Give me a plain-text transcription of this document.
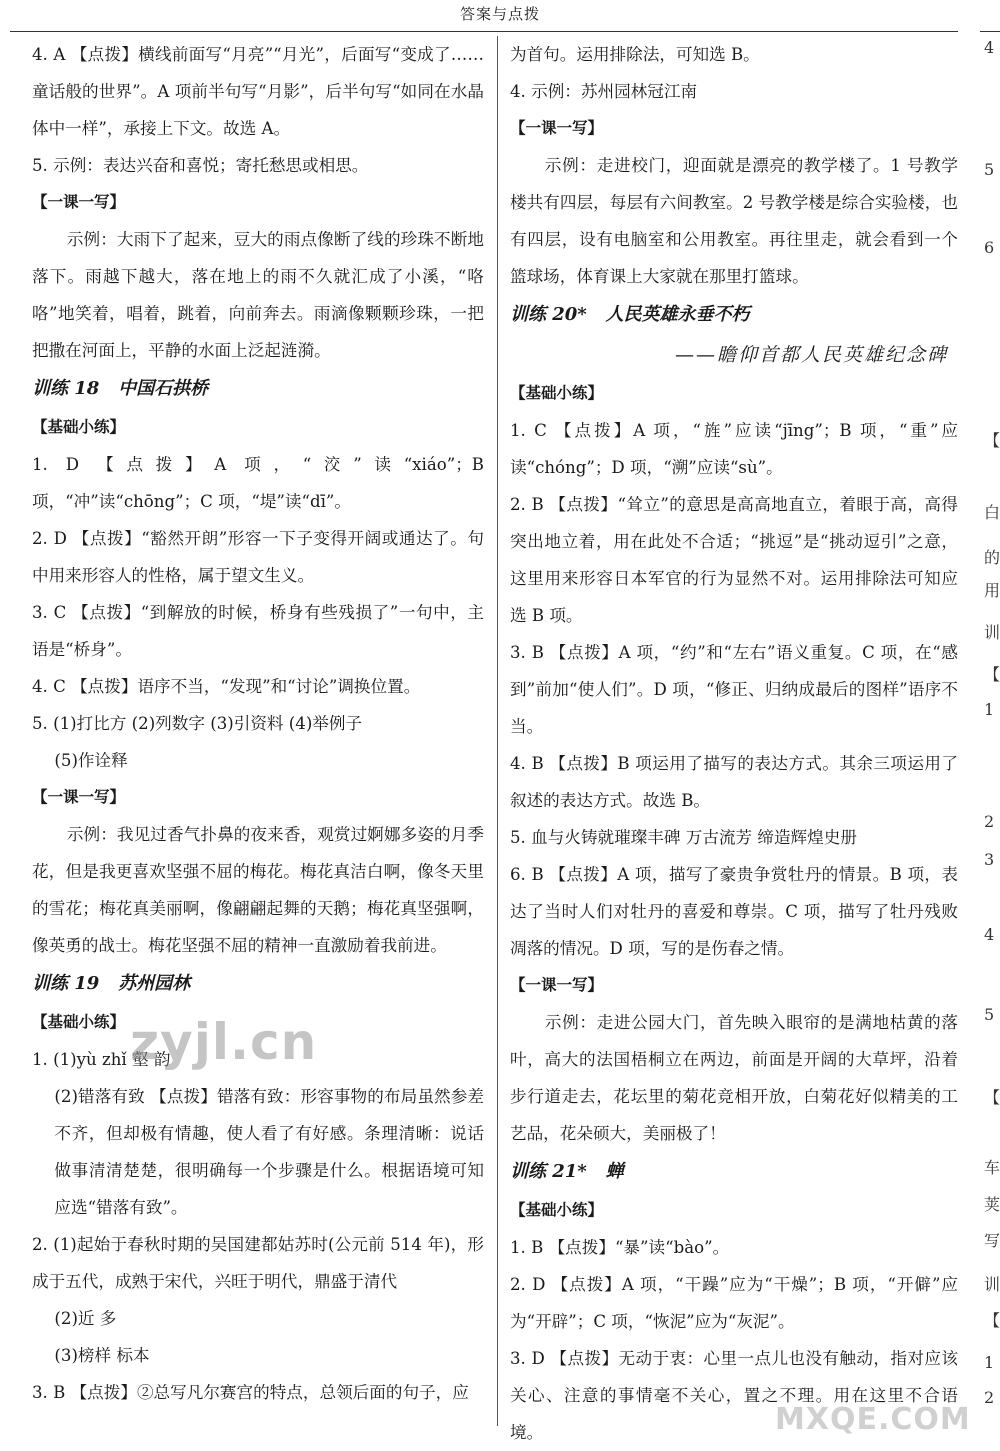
答案与点拨

4. A 【点拨】横线前面写“月亮”“月光”，后面写“变成了……童话般的世界”。A 项前半句写“月影”，后半句写“如同在水晶体中一样”，承接上下文。故选 A。

5. 示例：表达兴奋和喜悦；寄托愁思或相思。

【一课一写】

示例：大雨下了起来，豆大的雨点像断了线的珍珠不断地落下。雨越下越大，落在地上的雨不久就汇成了小溪，“咯咯”地笑着，唱着，跳着，向前奔去。雨滴像颗颗珍珠，一把把撒在河面上，平静的水面上泛起涟漪。

训练 18 中国石拱桥

【基础小练】

1. D 【点拨】A 项，“洨”读“xiáo”；B 项，“冲”读“chōng”；C 项，“堤”读“dī”。

2. D 【点拨】“豁然开朗”形容一下子变得开阔或通达了。句中用来形容人的性格，属于望文生义。

3. C 【点拨】“到解放的时候，桥身有些残损了”一句中，主语是“桥身”。

4. C 【点拨】语序不当，“发现”和“讨论”调换位置。

5. (1)打比方 (2)列数字 (3)引资料 (4)举例子

(5)作诠释

【一课一写】

示例：我见过香气扑鼻的夜来香，观赏过婀娜多姿的月季花，但是我更喜欢坚强不屈的梅花。梅花真洁白啊，像冬天里的雪花；梅花真美丽啊，像翩翩起舞的天鹅；梅花真坚强啊，像英勇的战士。梅花坚强不屈的精神一直激励着我前进。

训练 19 苏州园林

【基础小练】

1. (1)yù zhǐ 壑 韵

(2)错落有致 【点拨】错落有致：形容事物的布局虽然参差不齐，但却极有情趣，使人看了有好感。条理清晰：说话做事清清楚楚，很明确每一个步骤是什么。根据语境可知应选“错落有致”。

2. (1)起始于春秋时期的吴国建都姑苏时(公元前 514 年)，形成于五代，成熟于宋代，兴旺于明代，鼎盛于清代

(2)近 多

(3)榜样 标本

3. B 【点拨】②总写凡尔赛宫的特点，总领后面的句子，应

为首句。运用排除法，可知选 B。

4. 示例：苏州园林冠江南

【一课一写】

示例：走进校门，迎面就是漂亮的教学楼了。1 号教学楼共有四层，每层有六间教室。2 号教学楼是综合实验楼，也有四层，设有电脑室和公用教室。再往里走，就会看到一个篮球场，体育课上大家就在那里打篮球。

训练 20* 人民英雄永垂不朽

——瞻仰首都人民英雄纪念碑

【基础小练】

1. C 【点拨】A 项，“旌”应读“jīng”；B 项，“重”应读“chóng”；D 项，“溯”应读“sù”。

2. B 【点拨】“耸立”的意思是高高地直立，着眼于高，高得突出地立着，用在此处不合适；“挑逗”是“挑动逗引”之意，这里用来形容日本军官的行为显然不对。运用排除法可知应选 B 项。

3. B 【点拨】A 项，“约”和“左右”语义重复。C 项，在“感到”前加“使人们”。D 项，“修正、归纳成最后的图样”语序不当。

4. B 【点拨】B 项运用了描写的表达方式。其余三项运用了叙述的表达方式。故选 B。

5. 血与火铸就璀璨丰碑 万古流芳 缔造辉煌史册

6. B 【点拨】A 项，描写了豪贵争赏牡丹的情景。B 项，表达了当时人们对牡丹的喜爱和尊崇。C 项，描写了牡丹残败凋落的情况。D 项，写的是伤春之情。

【一课一写】

示例：走进公园大门，首先映入眼帘的是满地枯黄的落叶，高大的法国梧桐立在两边，前面是开阔的大草坪，沿着步行道走去，花坛里的菊花竞相开放，白菊花好似精美的工艺品，花朵硕大，美丽极了！

训练 21* 蝉

【基础小练】

1. B 【点拨】“暴”读“bào”。

2. D 【点拨】A 项，“干躁”应为“干燥”；B 项，“开僻”应为“开辟”；C 项，“恢泥”应为“灰泥”。

3. D 【点拨】无动于衷：心里一点儿也没有触动，指对应该关心、注意的事情毫不关心，置之不理。用在这里不合语境。

zyjl.cn
MXQE.COM
4
5
6
【
白
的
用
训
【
1
2
3
4
5
【
车
荚
写
训
【
1
2
